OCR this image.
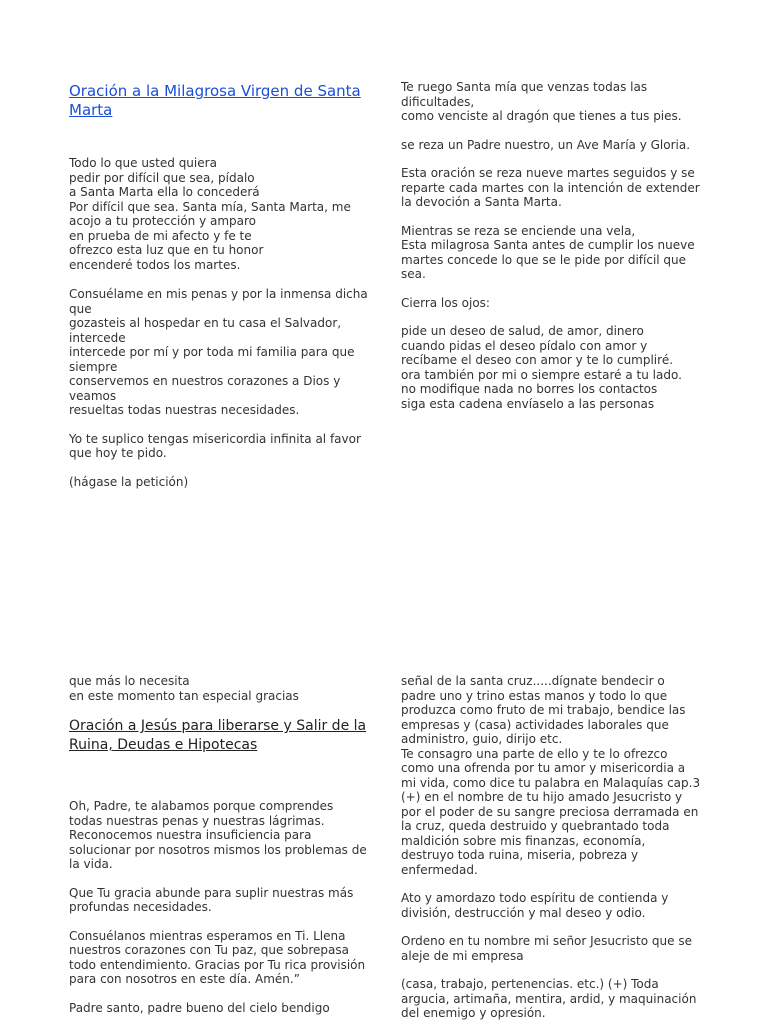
Oración a la Milagrosa Virgen de Santa Marta

Todo lo que usted quiera
pedir por difícil que sea, pídalo
a Santa Marta ella lo concederá
Por difícil que sea. Santa mía, Santa Marta, me
acojo a tu protección y amparo
en prueba de mi afecto y fe te
ofrezco esta luz que en tu honor
encenderé todos los martes.

Consuélame en mis penas y por la inmensa dicha que
gozasteis al hospedar en tu casa el Salvador, intercede
intercede por mí y por toda mi familia para que siempre
conservemos en nuestros corazones a Dios y veamos
resueltas todas nuestras necesidades.

Yo te suplico tengas misericordia infinita al favor que hoy te pido.

(hágase la petición)

Te ruego Santa mía que venzas todas las dificultades,
como venciste al dragón que tienes a tus pies.

se reza un Padre nuestro, un Ave María y Gloria.

Esta oración se reza nueve martes seguidos y se
reparte cada martes con la intención de extender
la devoción a Santa Marta.

Mientras se reza se enciende una vela,
Esta milagrosa Santa antes de cumplir los nueve
martes concede lo que se le pide por difícil que sea.

Cierra los ojos:

pide un deseo de salud, de amor, dinero
cuando pidas el deseo pídalo con amor y
recíbame el deseo con amor y te lo cumpliré.
ora también por mi o siempre estaré a tu lado.
no modifique nada no borres los contactos
siga esta cadena envíaselo a las personas

que más lo necesita
en este momento tan especial gracias

Oración a Jesús para liberarse y Salir de la Ruina, Deudas e Hipotecas

Oh, Padre, te alabamos porque comprendes todas nuestras penas y nuestras lágrimas. Reconocemos nuestra insuficiencia para solucionar por nosotros mismos los problemas de la vida.

Que Tu gracia abunde para suplir nuestras más profundas necesidades.

Consuélanos mientras esperamos en Ti. Llena nuestros corazones con Tu paz, que sobrepasa todo entendimiento. Gracias por Tu rica provisión para con nosotros en este día. Amén.”

Padre santo, padre bueno del cielo bendigo

señal de la santa cruz.....dígnate bendecir o padre uno y trino estas manos y todo lo que produzca como fruto de mi trabajo, bendice las empresas y (casa) actividades laborales que administro, guio, dirijo etc.
Te consagro una parte de ello y te lo ofrezco como una ofrenda por tu amor y misericordia a mi vida, como dice tu palabra en Malaquías cap.3 (+) en el nombre de tu hijo amado Jesucristo y por el poder de su sangre preciosa derramada en la cruz, queda destruido y quebrantado toda maldición sobre mis finanzas, economía, destruyo toda ruina, miseria, pobreza y enfermedad.

Ato y amordazo todo espíritu de contienda y división, destrucción y mal deseo y odio.

Ordeno en tu nombre mi señor Jesucristo que se aleje de mi empresa

(casa, trabajo, pertenencias. etc.) (+) Toda argucia, artimaña, mentira, ardid, y maquinación del enemigo y opresión.
